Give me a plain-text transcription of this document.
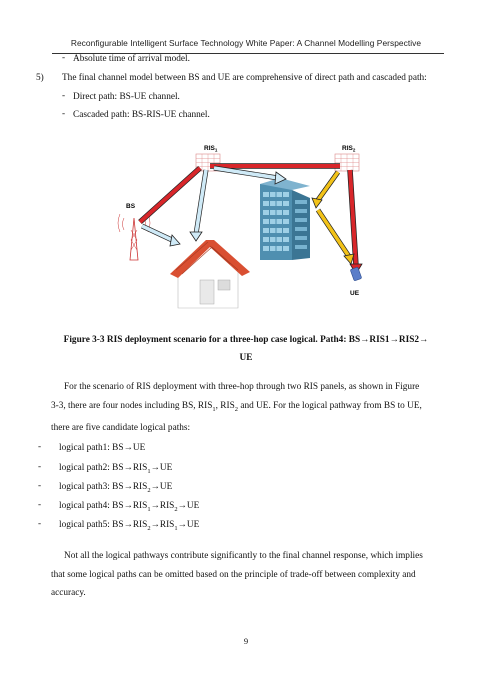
Reconfigurable Intelligent Surface Technology White Paper: A Channel Modelling Perspective
- Absolute time of arrival model.
5) The final channel model between BS and UE are comprehensive of direct path and cascaded path:
- Direct path: BS-UE channel.
- Cascaded path: BS-RIS-UE channel.
$RIS_1$	$RIS_2$
BS
UE
Figure 3-3 RIS deployment scenario for a three-hop case logical. Path4: BS→RIS1→RIS2→
UE
For the scenario of RIS deployment with three-hop through two RIS panels, as shown in Figure
3-3, there are four nodes including BS, $RIS_1$, $RIS_2$ and UE. For the logical pathway from BS to UE,
there are five candidate logical paths:
- logical path1: BS→UE
- logical path2: $BS\to RIS_1\to UE$
- logical path3: $BS\to RIS_2\to UE$
- logical path4: $BS\to RIS_1\to RIS_2\to UE$
- logical path5: $BS\to RIS_2\to RIS_1\to UE$
Not all the logical pathways contribute significantly to the final channel response, which implies
that some logical paths can be omitted based on the principle of trade-off between complexity and
accuracy.
9
